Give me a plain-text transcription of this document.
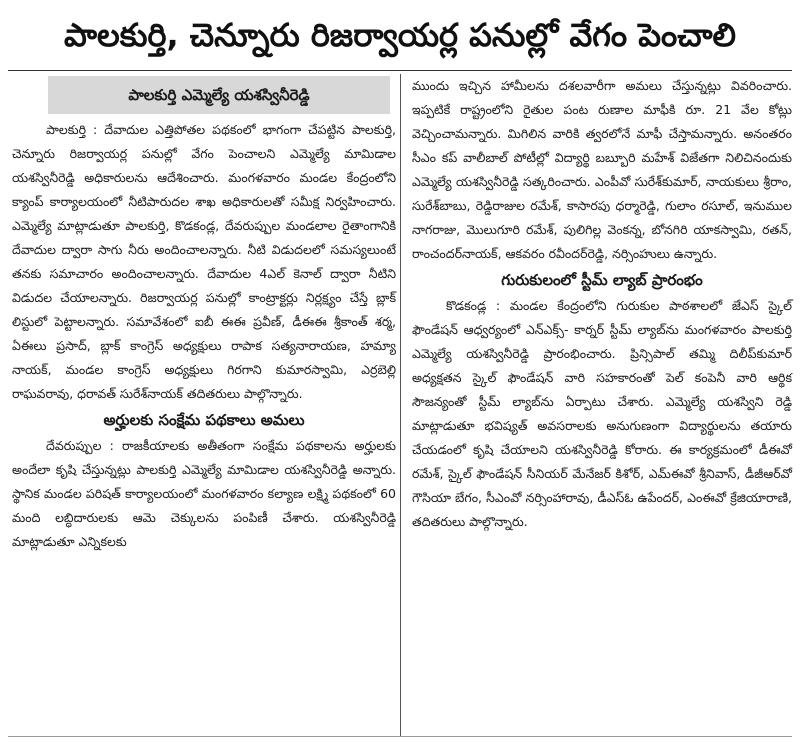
పాలకుర్తి, చెన్నూరు రిజర్వాయర్ల పనుల్లో వేగం పెంచాలి
పాలకుర్తి ఎమ్మెల్యే యశస్వినీరెడ్డి

పాలకుర్తి : దేవాదుల ఎత్తిపోతల పథకంలో భాగంగా చేపట్టిన పాలకుర్తి, చెన్నూరు రిజర్వాయర్ల పనుల్లో వేగం పెంచాలని ఎమ్మెల్యే మామిడాల యశస్వినీరెడ్డి అధికారులను ఆదేశించారు. మంగళవారం మండల కేంద్రంలోని క్యాంప్ కార్యాలయంలో నీటిపారుదల శాఖ అధికారులతో సమీక్ష నిర్వహించారు. ఎమ్మెల్యే మాట్లాడుతూ పాలకుర్తి, కొడకండ్ల, దేవరుప్పుల మండలాల రైతాంగానికి దేవాదుల ద్వారా సాగు నీరు అందించాలన్నారు. నీటి విడుదలలో సమస్యలుంటే తనకు సమాచారం అందించాలన్నారు. దేవాదుల 4ఎల్ కెనాల్ ద్వారా నీటిని విడుదల చేయాలన్నారు. రిజర్వాయర్ల పనుల్లో కాంట్రాక్టర్లు నిర్లక్ష్యం చేస్తే బ్లాక్ లిస్టులో పెట్టాలన్నారు. సమావేశంలో ఐబీ ఈఈ ప్రవీణ్, డీఈఈ శ్రీకాంత్ శర్మ, ఏఈలు ప్రసాద్, బ్లాక్ కాంగ్రెస్ అధ్యక్షులు రాపాక సత్యనారాయణ, హమ్యా నాయక్, మండల కాంగ్రెస్ అధ్యక్షులు గిరగాని కుమారస్వామి, ఎర్రబెల్లి రాఘవరావు, ధరావత్ సురేశ్‌నాయక్ తదితరులు పాల్గొన్నారు.

అర్హులకు సంక్షేమ పథకాలు అమలు

దేవరుప్పుల : రాజకీయాలకు అతీతంగా సంక్షేమ పథకాలను అర్హులకు అందేలా కృషి చేస్తున్నట్లు పాలకుర్తి ఎమ్మెల్యే మామిడాల యశస్వినీరెడ్డి అన్నారు. స్థానిక మండల పరిషత్ కార్యాలయంలో మంగళవారం కల్యాణ లక్ష్మి పథకంలో 60 మంది లబ్ధిదారులకు ఆమె చెక్కులను పంపిణీ చేశారు. యశస్వినీరెడ్డి మాట్లాడుతూ ఎన్నికలకు

ముందు ఇచ్చిన హామీలను దశలవారీగా అమలు చేస్తున్నట్లు వివరించారు. ఇప్పటికే రాష్ట్రంలోని రైతుల పంట రుణాల మాఫీకి రూ. 21 వేల కోట్లు వెచ్చించామన్నారు. మిగిలిన వారికి త్వరలోనే మాఫీ చేస్తామన్నారు. అనంతరం సీఎం కప్ వాలీబాల్ పోటీల్లో విద్యార్థి బబ్బూరి మహేశ్ విజేతగా నిలిచినందుకు ఎమ్మెల్యే యశస్వినీరెడ్డి సత్కరించారు. ఎంపీవో సురేశ్‌కుమార్, నాయకులు శ్రీరాం, సురేశ్‌బాబు, రెడ్డిరాజుల రమేశ్, కాసారపు ధర్మారెడ్డి, గులాం రసూల్, ఇనుముల నాగరాజు, మొలుగూరి రమేశ్, పులిగిల్ల వెంకన్న, బోనగిరి యాకస్వామి, రతన్, రాంచందర్‌నాయక్, ఆకవరం రవీందర్‌రెడ్డి, నర్సింహులు ఉన్నారు.

గురుకులంలో స్టీమ్ ల్యాబ్ ప్రారంభం

కొడకండ్ల : మండల కేంద్రంలోని గురుకుల పాఠశాలలో జేఎస్ స్కైల్ ఫౌండేషన్ ఆధ్వర్యంలో ఎన్ఎక్స్- కార్నర్ స్టీమ్ ల్యాబ్‌ను మంగళవారం పాలకుర్తి ఎమ్మెల్యే యశస్వినీరెడ్డి ప్రారంభించారు. ప్రిన్సిపాల్ తమ్మి దిలీప్‌కుమార్ అధ్యక్షతన స్కైల్ ఫౌండేషన్ వారి సహకారంతో పెల్ కంపెనీ వారి ఆర్థిక సౌజన్యంతో స్టీమ్ ల్యాబ్‌ను ఏర్పాటు చేశారు. ఎమ్మెల్యే యశస్విని రెడ్డి మాట్లాడుతూ భవిష్యత్ అవసరాలకు అనుగుణంగా విద్యార్థులను తయారు చేయడంలో కృషి చేయాలని యశస్వినీరెడ్డి కోరారు. ఈ కార్యక్రమంలో డీఈవో రమేశ్, స్కైల్ ఫౌండేషన్ సీనియర్ మేనేజర్ కిశోర్, ఎమ్ఈవో శ్రీనివాస్, డీజీఆర్‌వో గౌసియా బేగం, సీఎంవో నర్సింహారావు, డీఎస్ఓ ఉపేందర్, ఎంఈవో క్రేజియారాణి, తదితరులు పాల్గొన్నారు.
